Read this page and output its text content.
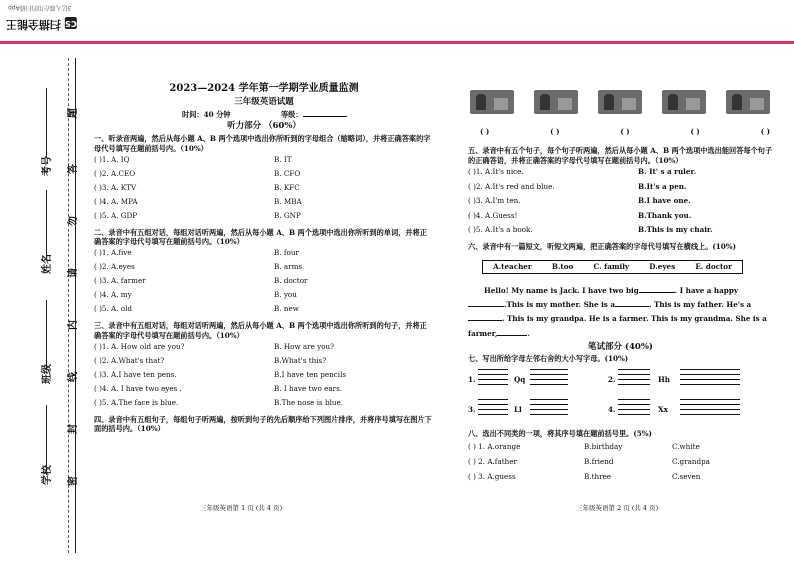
CS 扫描全能王
3亿人都在用的扫描App
考号
姓名
班级
学校
题
答
勿
请
内
线
封
密
2023—2024 学年第一学期学业质量监测
三年级英语试题
时间：40 分钟	等级：
听力部分 （60%）
一、听录音两遍，然后从每小题 A、B 两个选项中选出你所听到的字母组合（缩略词），并将正确答案的字母代号填写在题前括号内。（10%）
( )1. A. IQ	B. IT
( )2. A.CEO	B. CFO
( )3. A. KTV	B. KFC
( )4. A. MPA	B. MBA
( )5. A. GDP	B. GNP
二、录音中有五组对话，每组对话听两遍，然后从每小题 A、B 两个选项中选出你所听到的单词，并将正确答案的字母代号填写在题前括号内。（10%）
( )1. A.five	B. four
( )2. A.eyes	B. arms
( )3. A. farmer	B. doctor
( )4. A. my	B. you
( )5. A. old	B. new
三、录音中有五组对话，每组对话听两遍，然后从每小题 A、B 两个选项中选出你所听到的句子，并将正确答案的字母代号填写在题前括号内。（10%）
( )1. A. How old are you?	B. How are you?
( )2. A.What's that?	B.What's this?
( )3. A.I have ten pens.	B.I have ten pencils
( )4. A. I have two eyes .	B. I have two ears.
( )5. A.The face is blue.	B.The nose is blue.
四、录音中有五组句子，每组句子听两遍，按听到句子的先后顺序给下列图片排序，并将序号填写在图片下面的括号内。（10%）
三年级英语第 1 页 (共 4 页)
( )	( )	( )	( )	( )
五、录音中有五个句子，每个句子听两遍，然后从每小题 A、B 两个选项中选出能回答每个句子的正确答语，并将正确答案的字母代号填写在题前括号内。（10%）
( )1. A.It's nice.	B. It' s a ruler.
( )2. A.It's red and blue.	B.It's a pen.
( )3. A.I'm ten.	B.I have one.
( )4. A.Guess!	B.Thank you.
( )5. A.It's a book.	B.This is my chair.
六、录音中有一篇短文，听短文两遍，把正确答案的字母代号填写在横线上。(10%)
A.teacher	B.too	C. family	D.eyes	E. doctor
Hello! My name is Jack. I have two big	. I have a happy.This is my mother. She is a	. This is my father. He's a. This is my grandpa. He is a farmer. This is my grandma. She is a farmer,	.
笔试部分 (40%)
七、写出所给字母左邻右舍的大小写字母。(10%)
1.	Qq	2.	Hh
3.	Ll	4.	Xx
八、选出不同类的一项，将其序号填在题前括号里。(5%)
( ) 1. A.orange	B.birthday	C.white
( ) 2. A.father	B.friend	C.grandpa
( ) 3. A.guess	B.three	C.seven
三年级英语第 2 页 (共 4 页)
